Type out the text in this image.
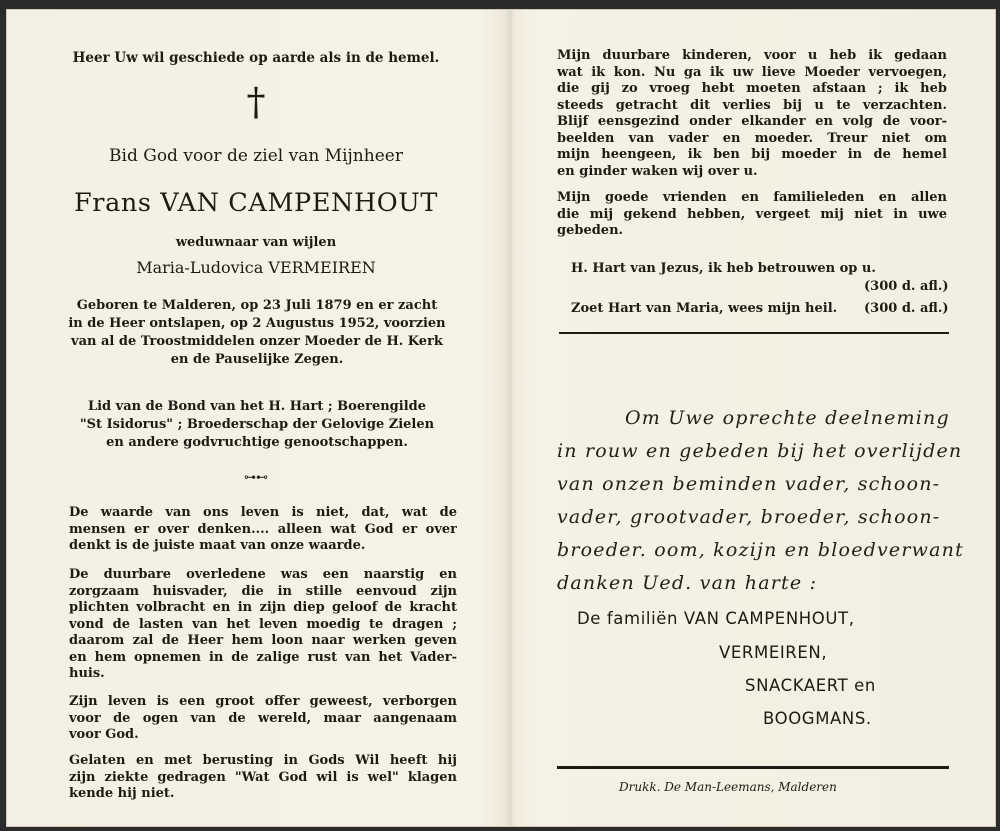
Heer Uw wil geschiede op aarde als in de hemel.
†
Bid God voor de ziel van Mijnheer
Frans VAN CAMPENHOUT
weduwnaar van wijlen
Maria-Ludovica VERMEIREN
Geboren te Malderen, op 23 Juli 1879 en er zacht
in de Heer ontslapen, op 2 Augustus 1952, voorzien
van al de Troostmiddelen onzer Moeder de H. Kerk
en de Pauselijke Zegen.
Lid van de Bond van het H. Hart ; Boerengilde
"St Isidorus" ; Broederschap der Gelovige Zielen
en andere godvruchtige genootschappen.
⊶⊷
De waarde van ons leven is niet, dat, wat de
mensen er over denken.... alleen wat God er over
denkt is de juiste maat van onze waarde.
De duurbare overledene was een naarstig en
zorgzaam huisvader, die in stille eenvoud zijn
plichten volbracht en in zijn diep geloof de kracht
vond de lasten van het leven moedig te dragen ;
daarom zal de Heer hem loon naar werken geven
en hem opnemen in de zalige rust van het Vader-
huis.
Zijn leven is een groot offer geweest, verborgen
voor de ogen van de wereld, maar aangenaam
voor God.
Gelaten en met berusting in Gods Wil heeft hij
zijn ziekte gedragen "Wat God wil is wel" klagen
kende hij niet.
Mijn duurbare kinderen, voor u heb ik gedaan
wat ik kon. Nu ga ik uw lieve Moeder vervoegen,
die gij zo vroeg hebt moeten afstaan ; ik heb
steeds getracht dit verlies bij u te verzachten.
Blijf eensgezind onder elkander en volg de voor-
beelden van vader en moeder. Treur niet om
mijn heengeen, ik ben bij moeder in de hemel
en ginder waken wij over u.
Mijn goede vrienden en familieleden en allen
die mij gekend hebben, vergeet mij niet in uwe
gebeden.
H. Hart van Jezus, ik heb betrouwen op u.
(300 d. afl.)
Zoet Hart van Maria, wees mijn heil. (300 d. afl.)
Om Uwe oprechte deelneming
in rouw en gebeden bij het overlijden
van onzen beminden vader, schoon-
vader, grootvader, broeder, schoon-
broeder. oom, kozijn en bloedverwant
danken Ued. van harte :
De familiën VAN CAMPENHOUT,
VERMEIREN,
SNACKAERT en
BOOGMANS.
Drukk. De Man-Leemans, Malderen
